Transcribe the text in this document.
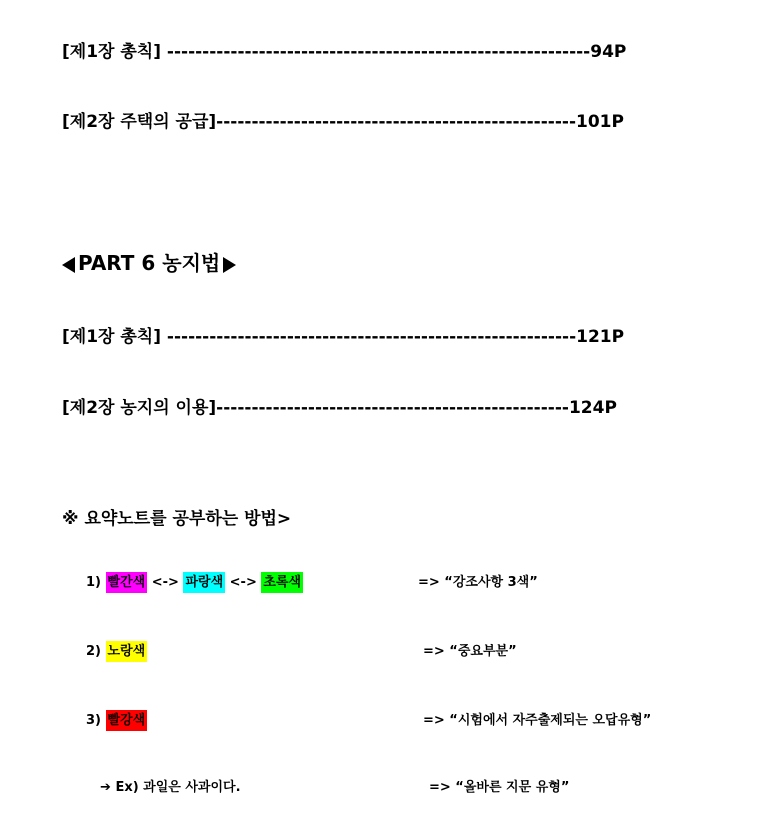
[제1장 총칙] ------------------------------------------------------------94P
[제2장 주택의 공급]---------------------------------------------------101P
PART 6 농지법
[제1장 총칙] ----------------------------------------------------------121P
[제2장 농지의 이용]--------------------------------------------------124P
※ 요약노트를 공부하는 방법>
1) 빨간색 <-> 파랑색 <-> 초록색	=> “강조사항 3색”
2) 노랑색	=> “중요부분”
3) 빨강색	=> “시험에서 자주출제되는 오답유형”
➔ Ex) 과일은 사과이다.	=> “올바른 지문 유형”
